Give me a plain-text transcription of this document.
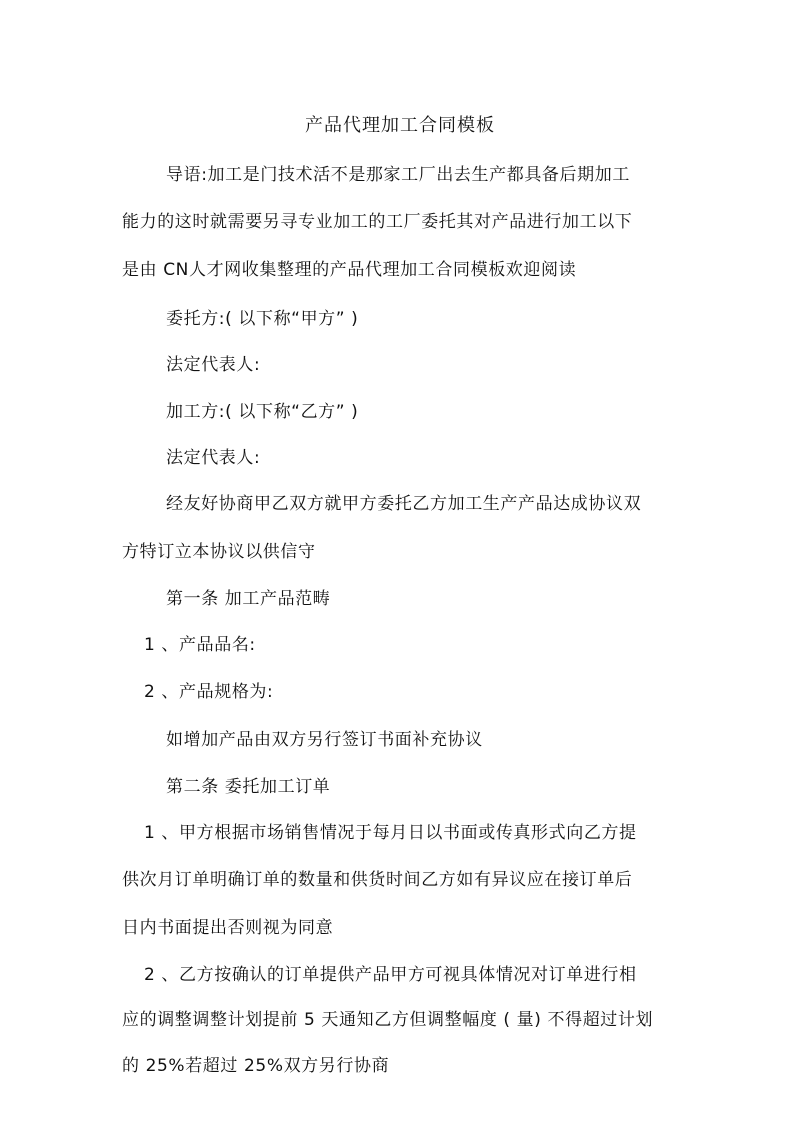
产品代理加工合同模板
导语:加工是门技术活不是那家工厂出去生产都具备后期加工
能力的这时就需要另寻专业加工的工厂委托其对产品进行加工以下
是由 CN人才网收集整理的产品代理加工合同模板欢迎阅读
委托方:( 以下称“甲方” )
法定代表人:
加工方:( 以下称“乙方” )
法定代表人:
经友好协商甲乙双方就甲方委托乙方加工生产产品达成协议双
方特订立本协议以供信守
第一条 加工产品范畴
1 、产品品名:
2 、产品规格为:
如增加产品由双方另行签订书面补充协议
第二条 委托加工订单
1 、甲方根据市场销售情况于每月日以书面或传真形式向乙方提
供次月订单明确订单的数量和供货时间乙方如有异议应在接订单后
日内书面提出否则视为同意
2 、乙方按确认的订单提供产品甲方可视具体情况对订单进行相
应的调整调整计划提前 5 天通知乙方但调整幅度 ( 量) 不得超过计划
的 25%若超过 25%双方另行协商
